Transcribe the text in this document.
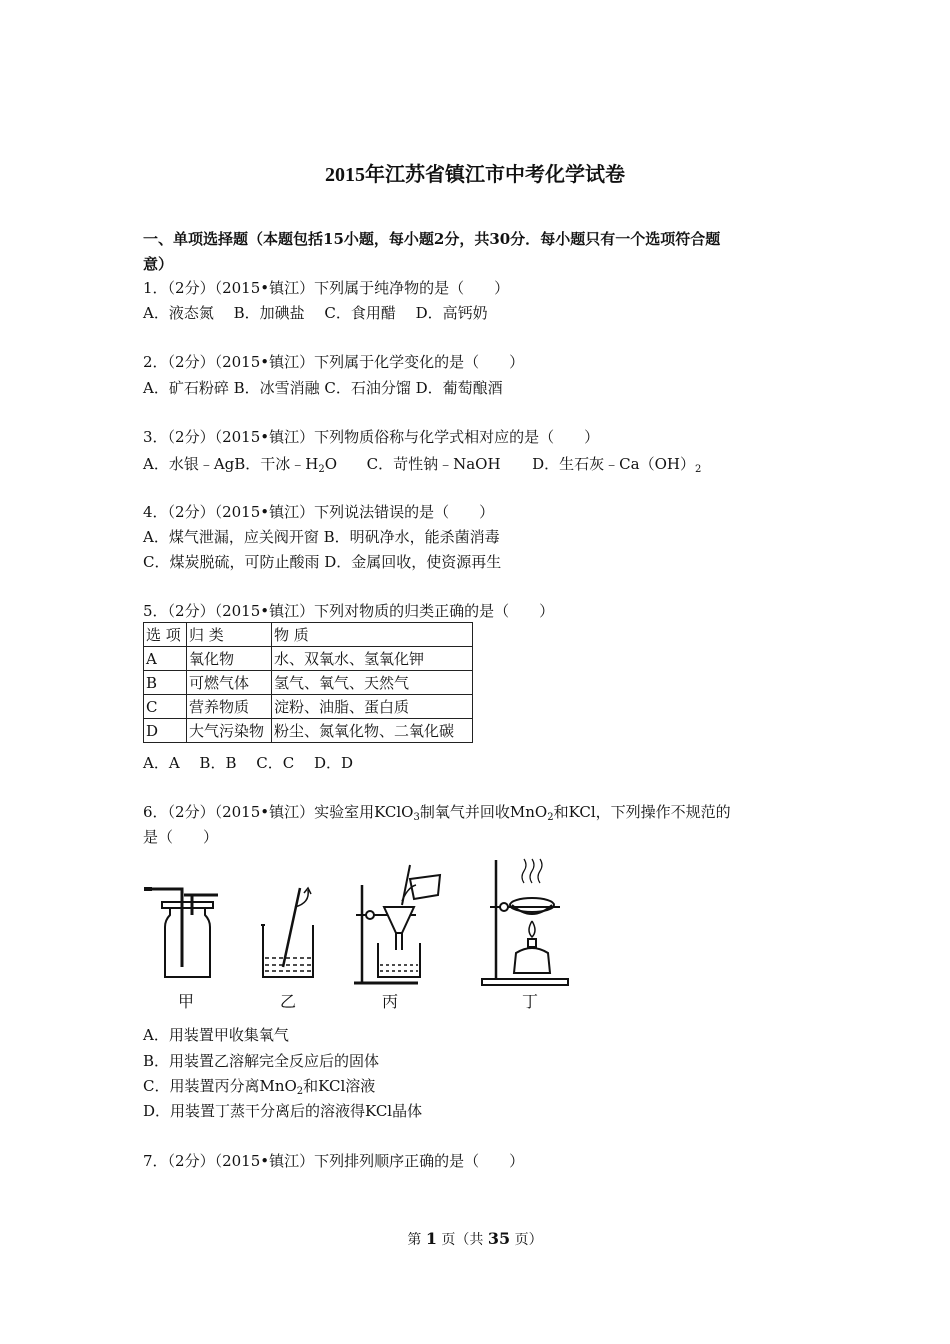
2015年江苏省镇江市中考化学试卷
一、单项选择题（本题包括15小题，每小题2分，共30分．每小题只有一个选项符合题
意）
1．（2分）（2015•镇江）下列属于纯净物的是（　　）
A．液态氮　 B．加碘盐　 C．食用醋　 D．高钙奶
2．（2分）（2015•镇江）下列属于化学变化的是（　　）
A．矿石粉碎 B．冰雪消融 C．石油分馏 D．葡萄酿酒
3．（2分）（2015•镇江）下列物质俗称与化学式相对应的是（　　）
A．水银﹣AgB．干冰$﹣H_2O$ C．苛性钠﹣NaOH D．生石灰$﹣Ca(OH)_2$
4．（2分）（2015•镇江）下列说法错误的是（　　）
A．煤气泄漏，应关阀开窗 B．明矾净水，能杀菌消毒
C．煤炭脱硫，可防止酸雨 D．金属回收，使资源再生
5．（2分）（2015•镇江）下列对物质的归类正确的是（　　）
选 项	归 类	物 质
A	氧化物	水、双氧水、氢氧化钾
B	可燃气体	氢气、氧气、天然气
C	营养物质	淀粉、油脂、蛋白质
D	大气污染物	粉尘、氮氧化物、二氧化碳
A．A　 B．B　 C．C　 D．D
6．（2分）（2015•镇江）实验室用KClO$_3$制氧气并回收MnO$_2$和KCl，下列操作不规范的
是（　　）
甲	乙	丙	丁
A．用装置甲收集氧气
B．用装置乙溶解完全反应后的固体
C．用装置丙分离MnO$_2$和KCl溶液
D．用装置丁蒸干分离后的溶液得KCl晶体
7．（2分）（2015•镇江）下列排列顺序正确的是（　　）
第 1 页（共 35 页）
